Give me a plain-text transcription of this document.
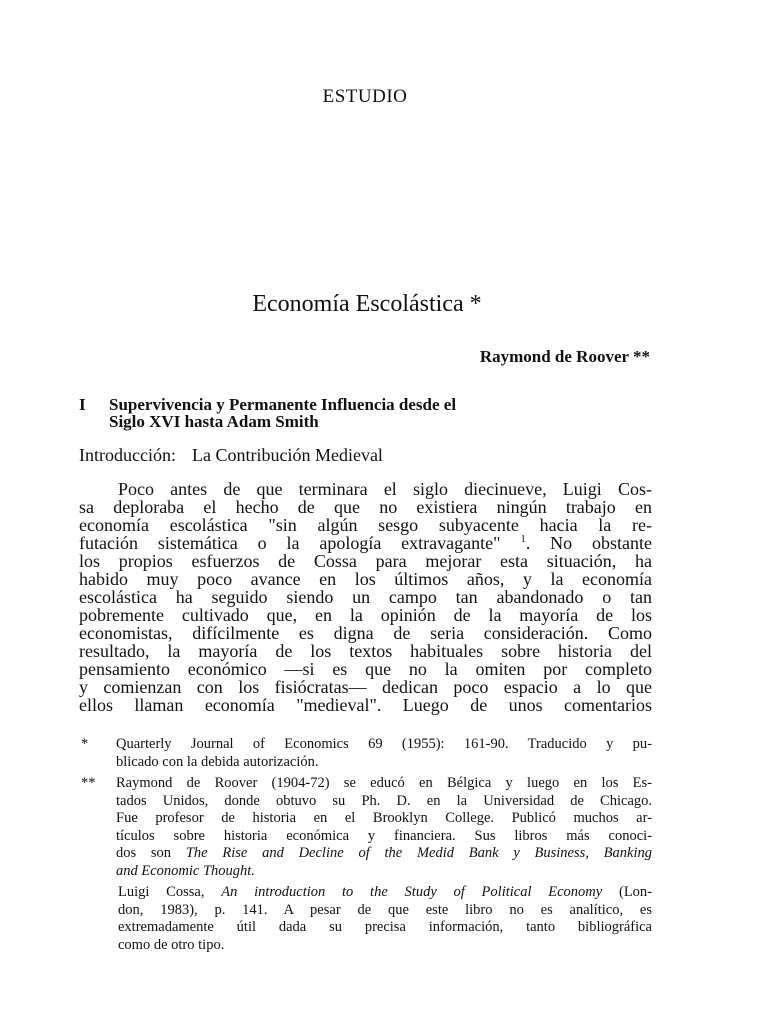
ESTUDIO
Economía Escolástica *
Raymond de Roover **
I Supervivencia y Permanente Influencia desde el
Siglo XVI hasta Adam Smith
Introducción: La Contribución Medieval
Poco antes de que terminara el siglo diecinueve, Luigi Cos-
sa deploraba el hecho de que no existiera ningún trabajo en
economía escolástica "sin algún sesgo subyacente hacia la re-
futación sistemática o la apología extravagante" $^1$. No obstante
los propios esfuerzos de Cossa para mejorar esta situación, ha
habido muy poco avance en los últimos años, y la economía
escolástica ha seguido siendo un campo tan abandonado o tan
pobremente cultivado que, en la opinión de la mayoría de los
economistas, difícilmente es digna de seria consideración. Como
resultado, la mayoría de los textos habituales sobre historia del
pensamiento económico —si es que no la omiten por completo
y comienzan con los fisiócratas— dedican poco espacio a lo que
ellos llaman economía "medieval". Luego de unos comentarios
* Quarterly Journal of Economics 69 (1955): 161-90. Traducido y pu-
blicado con la debida autorización.
** Raymond de Roover (1904-72) se educó en Bélgica y luego en los Es-
tados Unidos, donde obtuvo su Ph. D. en la Universidad de Chicago.
Fue profesor de historia en el Brooklyn College. Publicó muchos ar-
tículos sobre historia económica y financiera. Sus libros más conoci-
dos son The Rise and Decline of the Medid Bank y Business, Banking
and Economic Thought.
Luigi Cossa, An introduction to the Study of Political Economy (Lon-
don, 1983), p. 141. A pesar de que este libro no es analítico, es
extremadamente útil dada su precisa información, tanto bibliográfica
como de otro tipo.
